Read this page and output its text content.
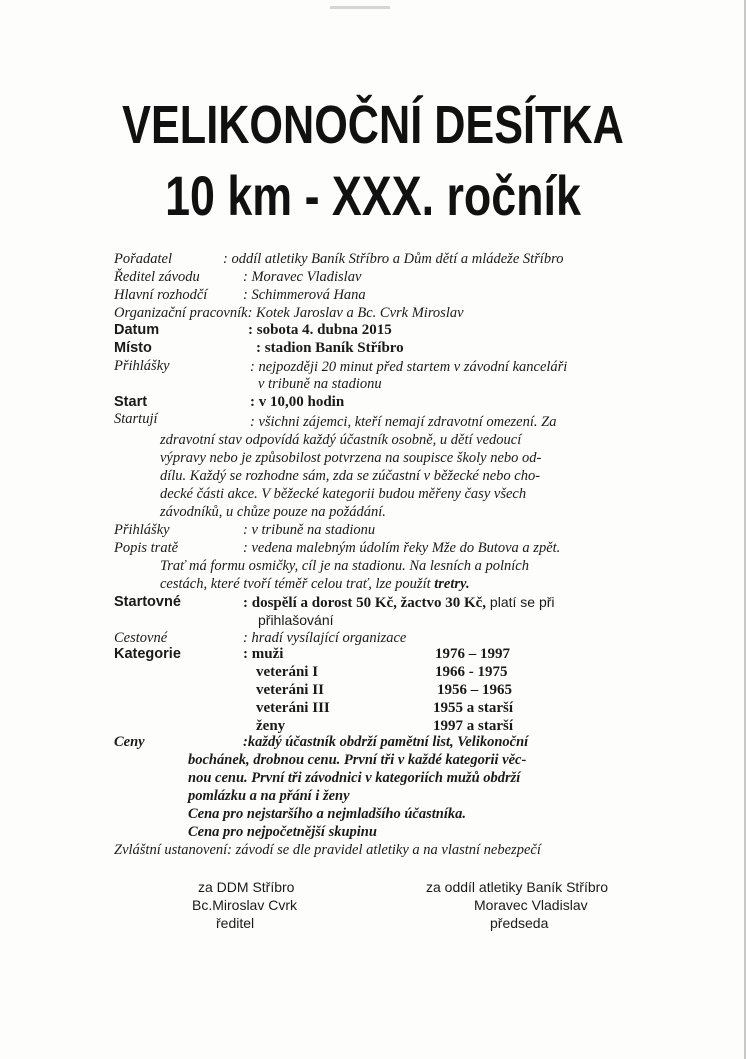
VELIKONOČNÍ DESÍTKA
10 km - XXX. ročník
Pořadatel	: oddíl atletiky Baník Stříbro a Dům dětí a mládeže Stříbro
Ředitel závodu	: Moravec Vladislav
Hlavní rozhodčí : Schimmerová Hana
Organizační pracovník: Kotek Jaroslav a Bc. Cvrk Miroslav
Datum	: sobota 4. dubna 2015
Místo	: stadion Baník Stříbro
Přihlášky	: nejpozději 20 minut před startem v závodní kanceláři
v tribuně na stadionu
Start	: v 10,00 hodin
Startují	: všichni zájemci, kteří nemají zdravotní omezení. Za
zdravotní stav odpovídá každý účastník osobně, u dětí vedoucí
výpravy nebo je způsobilost potvrzena na soupisce školy nebo od-
dílu. Každý se rozhodne sám, zda se zúčastní v běžecké nebo cho-
decké části akce. V běžecké kategorii budou měřeny časy všech
závodníků, u chůze pouze na požádání.
Přihlášky	: v tribuně na stadionu
Popis tratě	: vedena malebným údolím řeky Mže do Butova a zpět.
Trať má formu osmičky, cíl je na stadionu. Na lesních a polních
cestách, které tvoří téměř celou trať, lze použít tretry.
Startovné	: dospělí a dorost 50 Kč, žactvo 30 Kč, platí se při
přihlašování
Cestovné	: hradí vysílající organizace
Kategorie	: muži	1976 – 1997
veteráni I	1966 - 1975
veteráni II	1956 – 1965
veteráni III	1955 a starší
ženy	1997 a starší
Ceny	:každý účastník obdrží pamětní list, Velikonoční
bochánek, drobnou cenu. První tři v každé kategorii věc-
nou cenu. První tři závodnici v kategoriích mužů obdrží
pomlázku a na přání i ženy
Cena pro nejstaršího a nejmladšího účastníka.
Cena pro nejpočetnější skupinu
Zvláštní ustanovení: závodí se dle pravidel atletiky a na vlastní nebezpečí
za DDM Stříbro
Bc.Miroslav Cvrk
ředitel
za oddíl atletiky Baník Stříbro
Moravec Vladislav
předseda
